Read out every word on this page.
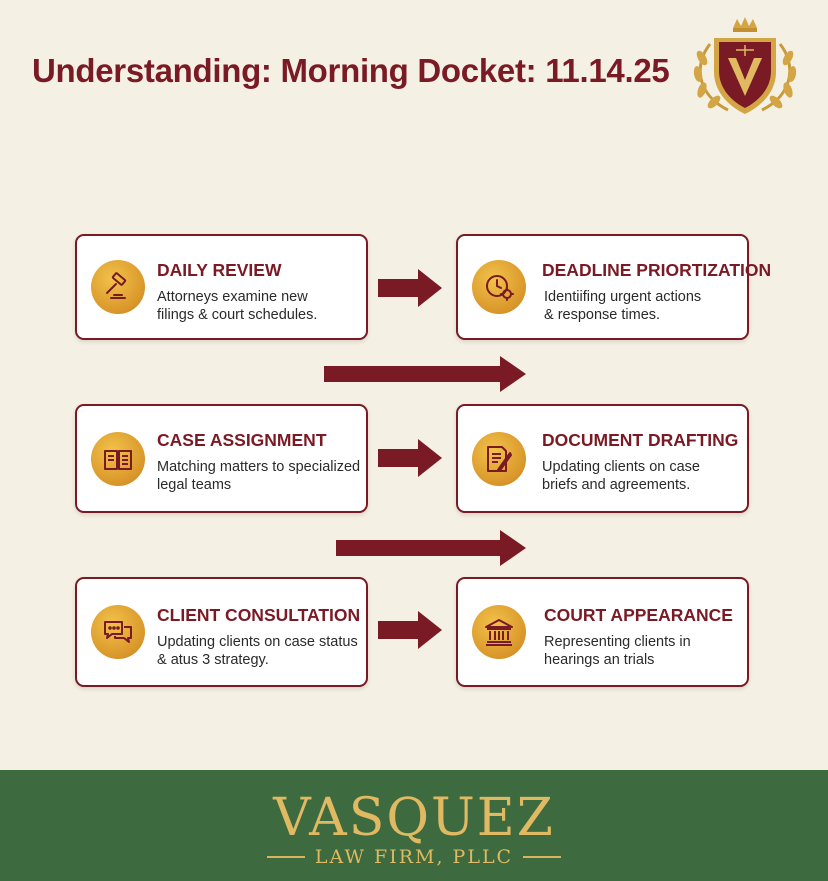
Understanding: Morning Docket: 11.14.25
DAILY REVIEW
Attorneys examine new filings & court schedules.
DEADLINE PRIORTIZATION
Identiifing urgent actions & response times.
CASE ASSIGNMENT
Matching matters to specialized legal teams
DOCUMENT DRAFTING
Updating clients on case briefs and agreements.
CLIENT CONSULTATION
Updating clients on case status & atus 3 strategy.
COURT APPEARANCE
Representing clients in hearings an trials
VASQUEZ
LAW FIRM, PLLC
